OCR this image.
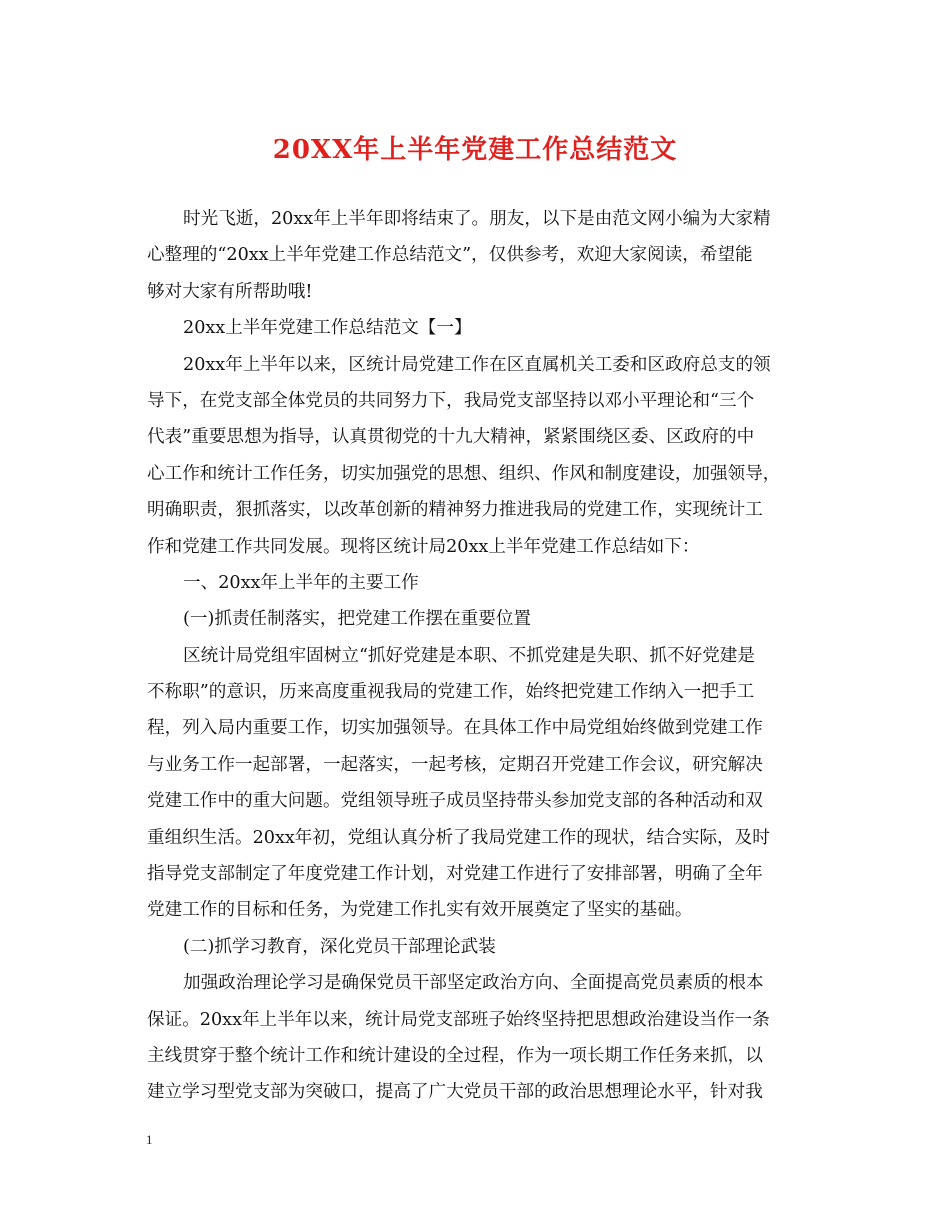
20XX年上半年党建工作总结范文
时光飞逝，20xx年上半年即将结束了。朋友，以下是由范文网小编为大家精
心整理的“20xx上半年党建工作总结范文”，仅供参考，欢迎大家阅读，希望能
够对大家有所帮助哦!
20xx上半年党建工作总结范文【一】
20xx年上半年以来，区统计局党建工作在区直属机关工委和区政府总支的领
导下，在党支部全体党员的共同努力下，我局党支部坚持以邓小平理论和“三个
代表”重要思想为指导，认真贯彻党的十九大精神，紧紧围绕区委、区政府的中
心工作和统计工作任务，切实加强党的思想、组织、作风和制度建设，加强领导，
明确职责，狠抓落实，以改革创新的精神努力推进我局的党建工作，实现统计工
作和党建工作共同发展。现将区统计局20xx上半年党建工作总结如下：
一、20xx年上半年的主要工作
(一)抓责任制落实，把党建工作摆在重要位置
区统计局党组牢固树立“抓好党建是本职、不抓党建是失职、抓不好党建是
不称职”的意识，历来高度重视我局的党建工作，始终把党建工作纳入一把手工
程，列入局内重要工作，切实加强领导。在具体工作中局党组始终做到党建工作
与业务工作一起部署，一起落实，一起考核，定期召开党建工作会议，研究解决
党建工作中的重大问题。党组领导班子成员坚持带头参加党支部的各种活动和双
重组织生活。20xx年初，党组认真分析了我局党建工作的现状，结合实际，及时
指导党支部制定了年度党建工作计划，对党建工作进行了安排部署，明确了全年
党建工作的目标和任务，为党建工作扎实有效开展奠定了坚实的基础。
(二)抓学习教育，深化党员干部理论武装
加强政治理论学习是确保党员干部坚定政治方向、全面提高党员素质的根本
保证。20xx年上半年以来，统计局党支部班子始终坚持把思想政治建设当作一条
主线贯穿于整个统计工作和统计建设的全过程，作为一项长期工作任务来抓，以
建立学习型党支部为突破口，提高了广大党员干部的政治思想理论水平，针对我
1
